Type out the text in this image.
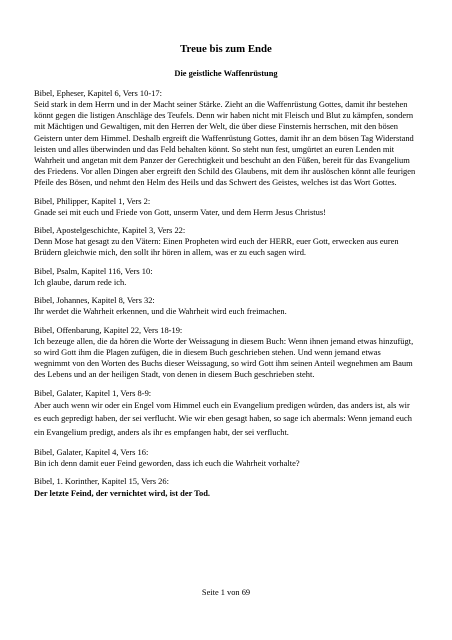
Treue bis zum Ende

Die geistliche Waffenrüstung

Bibel, Epheser, Kapitel 6, Vers 10-17:

Seid stark in dem Herrn und in der Macht seiner Stärke. Zieht an die Waffenrüstung Gottes, damit ihr bestehen könnt gegen die listigen Anschläge des Teufels. Denn wir haben nicht mit Fleisch und Blut zu kämpfen, sondern mit Mächtigen und Gewaltigen, mit den Herren der Welt, die über diese Finsternis herrschen, mit den bösen Geistern unter dem Himmel. Deshalb ergreift die Waffenrüstung Gottes, damit ihr an dem bösen Tag Widerstand leisten und alles überwinden und das Feld behalten könnt. So steht nun fest, umgürtet an euren Lenden mit Wahrheit und angetan mit dem Panzer der Gerechtigkeit und beschuht an den Füßen, bereit für das Evangelium des Friedens. Vor allen Dingen aber ergreift den Schild des Glaubens, mit dem ihr auslöschen könnt alle feurigen Pfeile des Bösen, und nehmt den Helm des Heils und das Schwert des Geistes, welches ist das Wort Gottes.

Bibel, Philipper, Kapitel 1, Vers 2:

Gnade sei mit euch und Friede von Gott, unserm Vater, und dem Herrn Jesus Christus!

Bibel, Apostelgeschichte, Kapitel 3, Vers 22:

Denn Mose hat gesagt zu den Vätern: Einen Propheten wird euch der HERR, euer Gott, erwecken aus euren Brüdern gleichwie mich, den sollt ihr hören in allem, was er zu euch sagen wird.

Bibel, Psalm, Kapitel 116, Vers 10:

Ich glaube, darum rede ich.

Bibel, Johannes, Kapitel 8, Vers 32:

Ihr werdet die Wahrheit erkennen, und die Wahrheit wird euch freimachen.

Bibel, Offenbarung, Kapitel 22, Vers 18-19:

Ich bezeuge allen, die da hören die Worte der Weissagung in diesem Buch: Wenn ihnen jemand etwas hinzufügt, so wird Gott ihm die Plagen zufügen, die in diesem Buch geschrieben stehen. Und wenn jemand etwas wegnimmt von den Worten des Buchs dieser Weissagung, so wird Gott ihm seinen Anteil wegnehmen am Baum des Lebens und an der heiligen Stadt, von denen in diesem Buch geschrieben steht.

Bibel, Galater, Kapitel 1, Vers 8-9:

Aber auch wenn wir oder ein Engel vom Himmel euch ein Evangelium predigen würden, das anders ist, als wir es euch gepredigt haben, der sei verflucht. Wie wir eben gesagt haben, so sage ich abermals: Wenn jemand euch ein Evangelium predigt, anders als ihr es empfangen habt, der sei verflucht.

Bibel, Galater, Kapitel 4, Vers 16:

Bin ich denn damit euer Feind geworden, dass ich euch die Wahrheit vorhalte?

Bibel, 1. Korinther, Kapitel 15, Vers 26:

Der letzte Feind, der vernichtet wird, ist der Tod.

Seite 1 von 69
